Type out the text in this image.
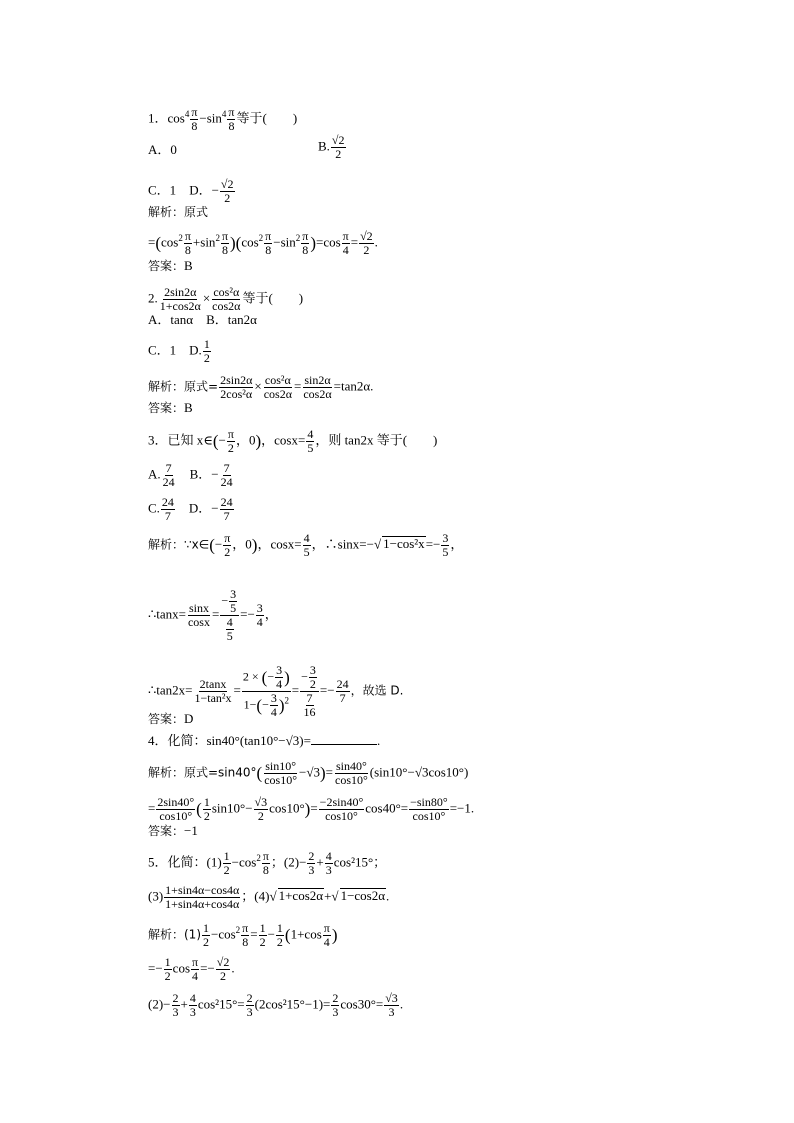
1．$\cos^4 \frac{\pi}{8} -\sin^4 \frac{\pi}{8}$ 等于(　　)
A．0	B. $\frac{√2}{2}$
C．1　 D．− $\frac{√2}{2}$
解析：原式
$=(\cos^2 \frac{\pi}{8} +\sin^2 \frac{\pi}{8} )(\cos^2 \frac{\pi}{8} -\sin^2 \frac{\pi}{8} )=\cos \frac{\pi}{4} = \frac{√2}{2}$ .
答案：B
2. $\frac{2\sin 2\alpha}{1+\cos 2\alpha} \times \frac{\text{cos²α}}{\cos 2\alpha}$ 等于(　　)
A．tanα　B．tan2α
C．1　D. $\frac{1}{2}$
解析：原式= $\frac{2\sin 2\alpha}{\text{2cos²α}} \times \frac{\text{cos²α}}{\cos 2\alpha} = \frac{\sin 2\alpha}{\cos 2\alpha} =\tan 2\alpha$.
答案：B
3．已知 x∈(− $\frac{\pi}{2}$ ，0)，$\cos x= \frac{4}{5}$ ，则 tan2x 等于(　　)
A. $\frac{7}{24}$ 　B．− $\frac{7}{24}$
C. $\frac{24}{7}$ 　D．− $\frac{24}{7}$
解析：∵x∈(− $\frac{\pi}{2}$ ，0)，$\cos x= \frac{4}{5}$ ，∴sinx=−√ $1-\cos^2x=- \frac{3}{5}$ ，
∴tanx= $\frac{\sin x}{\cos x} = \frac{- \frac{3}{5}}{\frac{4}{5}} =- \frac{3}{4}$ ，
∴tan2x= $\frac{2\tan x}{\text{1−tan²x}} = \frac{2 \times (- \frac{3}{4} )}{1-(- \frac{3}{4} )^2} = \frac{- \frac{3}{2}}{\frac{7}{16}} =- \frac{24}{7}$ ，故选 D.
答案：D
4．化简：sin40°(tan10°−√3)=	.
解析：原式$=\sin 40^\circ( \frac{\sin 10^\circ}{\cos 10^\circ} -√3)= \frac{\sin 40^\circ}{\cos 10^\circ} (\sin 10^\circ-√3\cos 10^\circ)$
= $\frac{2\sin 40^\circ}{\cos 10^\circ}$ ( $\frac{1}{2} \sin 10^\circ- \frac{√3}{2} \cos 10^\circ)= \frac{-2\sin 40^\circ}{\cos 10^\circ} \cos 40^\circ= \frac{-\sin 80^\circ}{\cos 10^\circ} =-1$.
答案：−1
5．化简：$(1) \frac{1}{2} -\cos^2 \frac{\pi}{8}$ ；$(2)- \frac{2}{3} + \frac{4}{3} \cos^215^\circ$；
$(3) \frac{1+\sin 4\alpha-\cos 4\alpha}{1+\sin 4\alpha+\cos 4\alpha}$ ；(4)√ 1+cos2α+√ 1−cos2α.
解析：$(1) \frac{1}{2} -\cos^2 \frac{\pi}{8} = \frac{1}{2} - \frac{1}{2} (1+\cos \frac{\pi}{4}$ )
=− $\frac{1}{2}$ $\cos \frac{\pi}{4} =- \frac{√2}{2}$ .
$(2)- \frac{2}{3} + \frac{4}{3} \cos^215^\circ= \frac{2}{3} (2\cos^215^\circ-1)= \frac{2}{3} \cos 30^\circ= \frac{√3}{3}$ .
